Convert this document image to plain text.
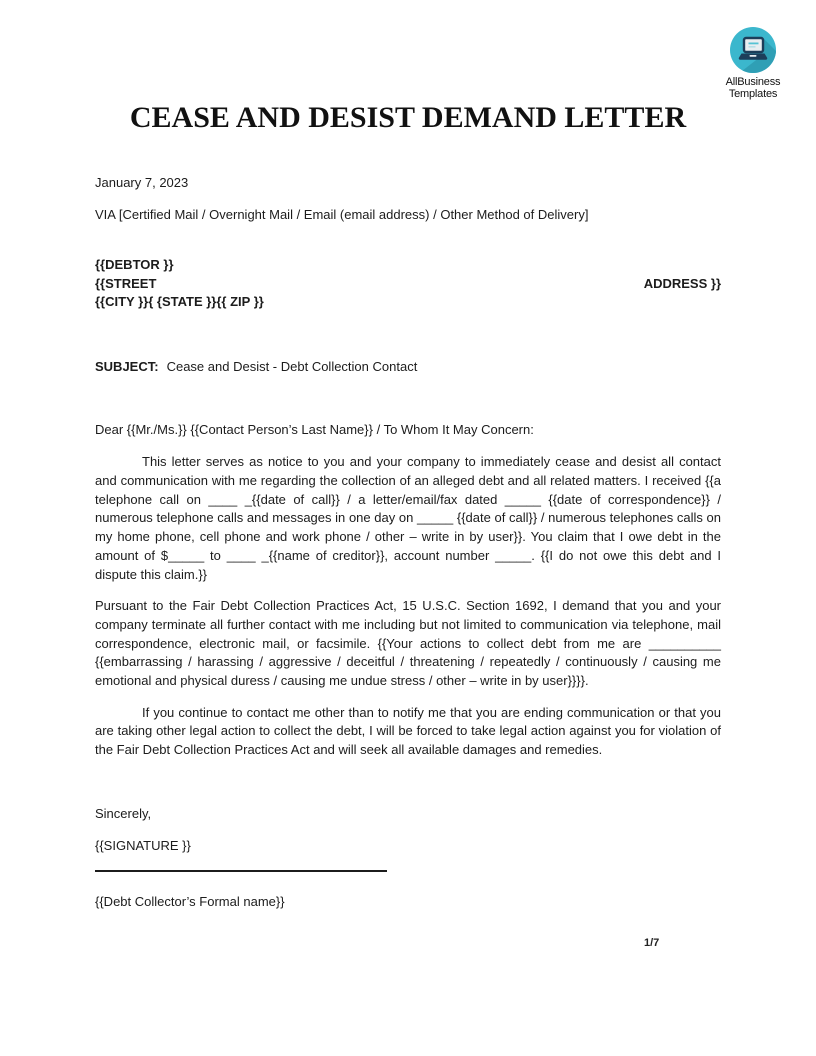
AllBusiness
Templates
CEASE AND DESIST DEMAND LETTER

January 7, 2023

VIA [Certified Mail / Overnight Mail / Email (email address) / Other Method of Delivery]

{{DEBTOR }}

{{STREET	ADDRESS }}

{{CITY }}{ {STATE }}{{ ZIP }}

SUBJECT: Cease and Desist - Debt Collection Contact

Dear {{Mr./Ms.}} {{Contact Person’s Last Name}} / To Whom It May Concern:

This letter serves as notice to you and your company to immediately cease and desist all contact and communication with me regarding the collection of an alleged debt and all related matters. I received {{a telephone call on ____ _{{date of call}} / a letter/email/fax dated _____ {{date of correspondence}} / numerous telephone calls and messages in one day on _____ {{date of call}} / numerous telephones calls on my home phone, cell phone and work phone / other – write in by user}}. You claim that I owe debt in the amount of $_____ to ____ _{{name of creditor}}, account number _____. {{I do not owe this debt and I dispute this claim.}}

Pursuant to the Fair Debt Collection Practices Act, 15 U.S.C. Section 1692, I demand that you and your company terminate all further contact with me including but not limited to communication via telephone, mail correspondence, electronic mail, or facsimile. {{Your actions to collect debt from me are __________ {{embarrassing / harassing / aggressive / deceitful / threatening / repeatedly / continuously / causing me emotional and physical duress / causing me undue stress / other – write in by user}}}}.

If you continue to contact me other than to notify me that you are ending communication or that you are taking other legal action to collect the debt, I will be forced to take legal action against you for violation of the Fair Debt Collection Practices Act and will seek all available damages and remedies.

Sincerely,

{{SIGNATURE }}

{{Debt Collector’s Formal name}}

1/7
